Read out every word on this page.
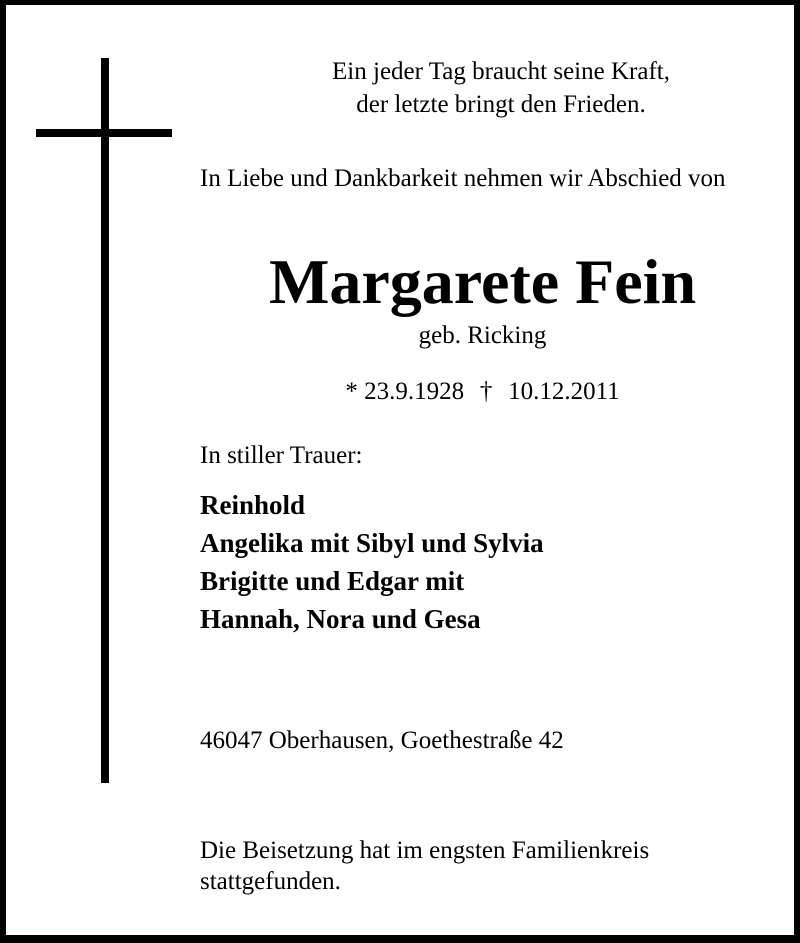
Ein jeder Tag braucht seine Kraft,
der letzte bringt den Frieden.
In Liebe und Dankbarkeit nehmen wir Abschied von
Margarete Fein
geb. Ricking
* 23.9.1928 † 10.12.2011
In stiller Trauer:
Reinhold
Angelika mit Sibyl und Sylvia
Brigitte und Edgar mit
Hannah, Nora und Gesa
46047 Oberhausen, Goethestraße 42
Die Beisetzung hat im engsten Familienkreis stattgefunden.
